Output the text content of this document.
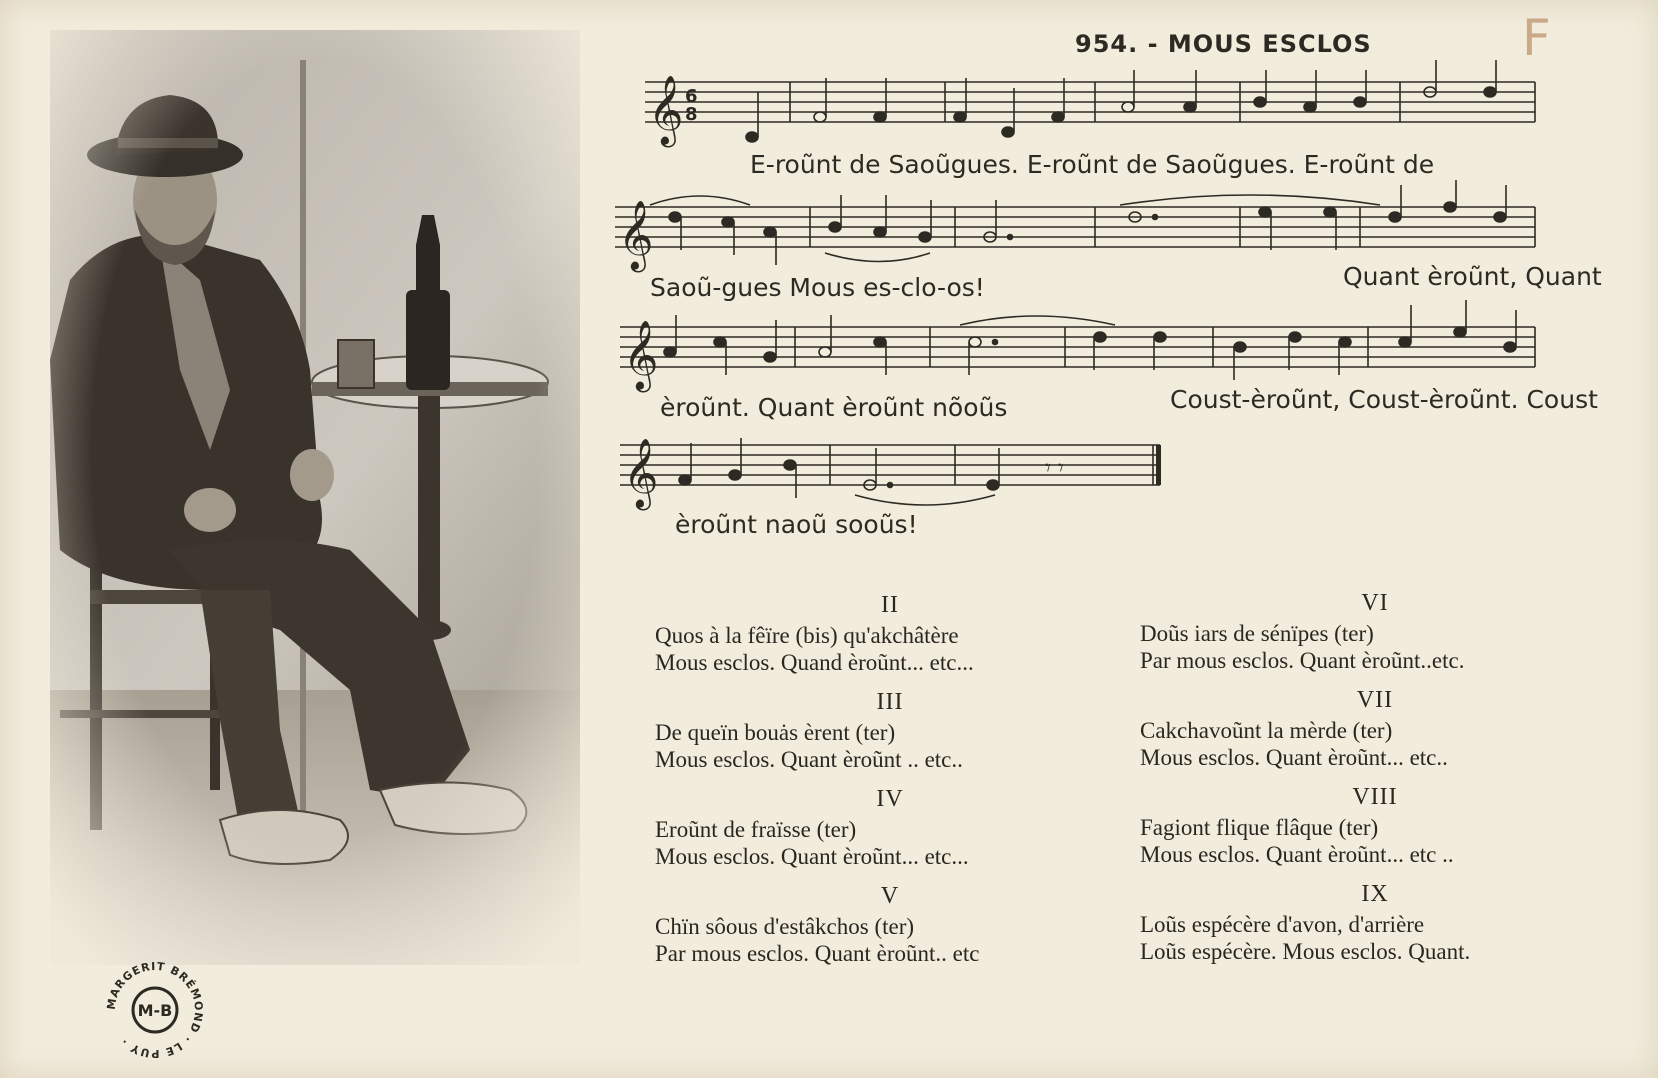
F
954. - MOUS ESCLOS
𝄞 6
8
E-roũnt de Saoũgues. E-roũnt de Saoũgues. E-roũnt de
𝄞
Saoũ-gues Mous es-clo-os!	Quant èroũnt, Quant
𝄞
èroũnt. Quant èroũnt nõoũs	Coust-èroũnt, Coust-èroũnt. Coust
𝄞	𝄾 𝄾
èroũnt naoũ sooũs!
II
Quos à la fêïre (bis) qu'akchâtère
Mous esclos. Quand èroũnt... etc...
III
De queïn bouȧs èrent (ter)
Mous esclos. Quant èroũnt .. etc..
IV
Eroũnt de fraïsse (ter)
Mous esclos. Quant èroũnt... etc...
V
Chïn sôous d'estâkchos (ter)
Par mous esclos. Quant èroũnt.. etc
VI
Doũs iars de sénïpes (ter)
Par mous esclos. Quant èroũnt..etc.
VII
Cakchavoũnt la mèrde (ter)
Mous esclos. Quant èroũnt... etc..
VIII
Fagiont flique flâque (ter)
Mous esclos. Quant èroũnt... etc ..
IX
Loũs espécère d'avon, d'arrière
Loũs espécère. Mous esclos. Quant.
MARGERIT BRÉMOND · LE PUY ·
M-B
